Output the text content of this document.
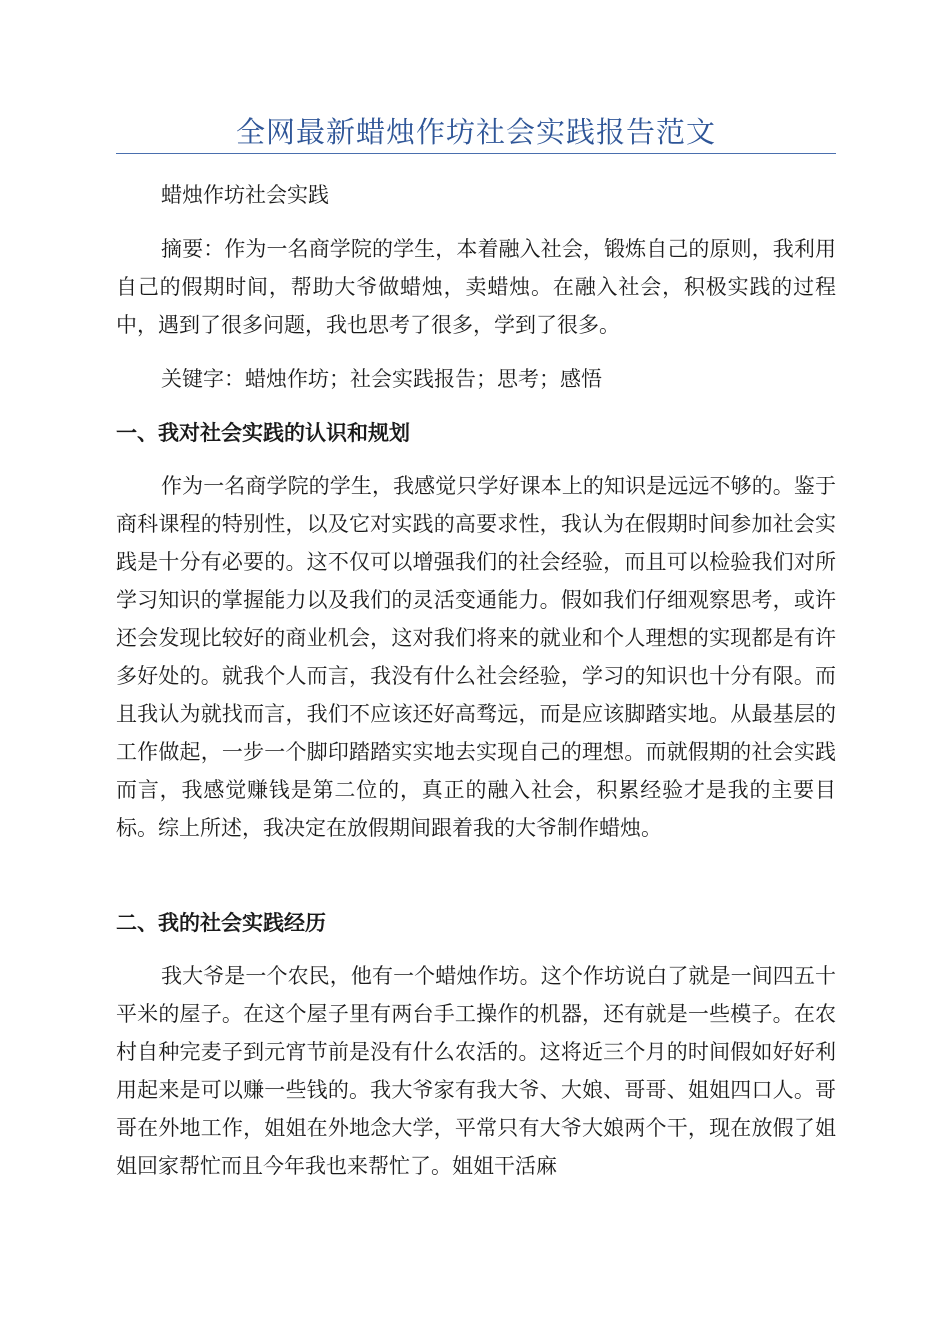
全网最新蜡烛作坊社会实践报告范文

蜡烛作坊社会实践

摘要：作为一名商学院的学生，本着融入社会，锻炼自己的原则，我利用自己的假期时间，帮助大爷做蜡烛，卖蜡烛。在融入社会，积极实践的过程中，遇到了很多问题，我也思考了很多，学到了很多。

关键字：蜡烛作坊；社会实践报告；思考；感悟

一、我对社会实践的认识和规划

作为一名商学院的学生，我感觉只学好课本上的知识是远远不够的。鉴于商科课程的特别性，以及它对实践的高要求性，我认为在假期时间参加社会实践是十分有必要的。这不仅可以增强我们的社会经验，而且可以检验我们对所学习知识的掌握能力以及我们的灵活变通能力。假如我们仔细观察思考，或许还会发现比较好的商业机会，这对我们将来的就业和个人理想的实现都是有许多好处的。就我个人而言，我没有什么社会经验，学习的知识也十分有限。而且我认为就找而言，我们不应该还好高骛远，而是应该脚踏实地。从最基层的工作做起，一步一个脚印踏踏实实地去实现自己的理想。而就假期的社会实践而言，我感觉赚钱是第二位的，真正的融入社会，积累经验才是我的主要目标。综上所述，我决定在放假期间跟着我的大爷制作蜡烛。

二、我的社会实践经历

我大爷是一个农民，他有一个蜡烛作坊。这个作坊说白了就是一间四五十平米的屋子。在这个屋子里有两台手工操作的机器，还有就是一些模子。在农村自种完麦子到元宵节前是没有什么农活的。这将近三个月的时间假如好好利用起来是可以赚一些钱的。我大爷家有我大爷、大娘、哥哥、姐姐四口人。哥哥在外地工作，姐姐在外地念大学，平常只有大爷大娘两个干，现在放假了姐姐回家帮忙而且今年我也来帮忙了。姐姐干活麻
